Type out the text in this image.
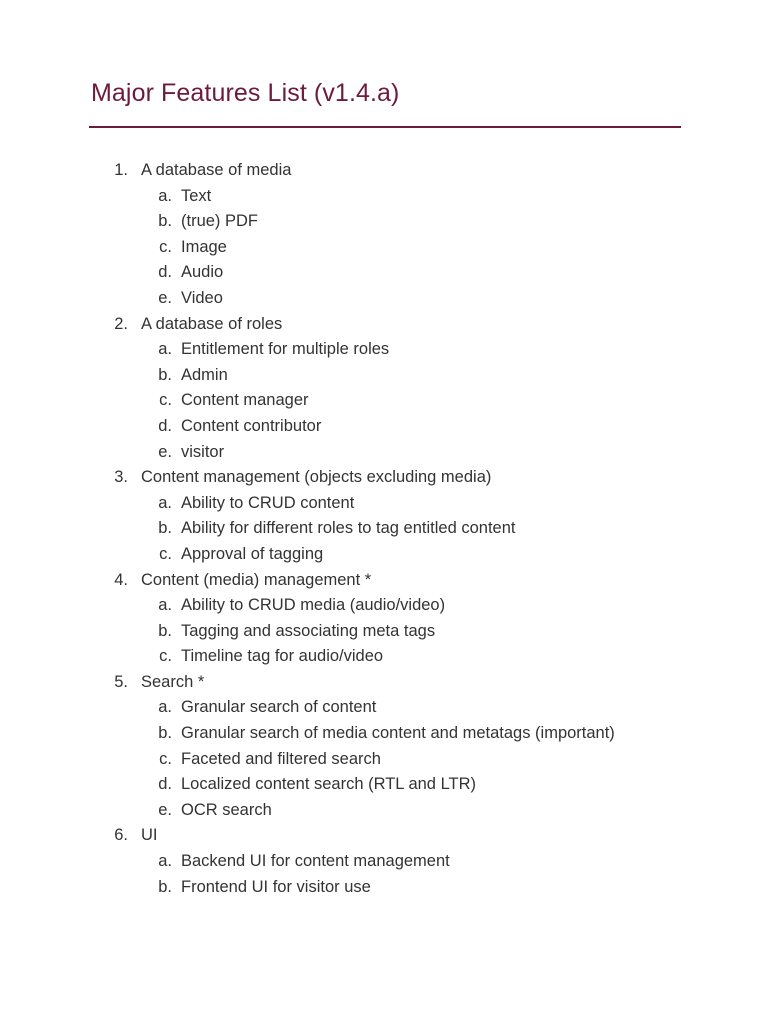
Major Features List (v1.4.a)
1. A database of media
a. Text
b. (true) PDF
c. Image
d. Audio
e. Video
2. A database of roles
a. Entitlement for multiple roles
b. Admin
c. Content manager
d. Content contributor
e. visitor
3. Content management (objects excluding media)
a. Ability to CRUD content
b. Ability for different roles to tag entitled content
c. Approval of tagging
4. Content (media) management *
a. Ability to CRUD media (audio/video)
b. Tagging and associating meta tags
c. Timeline tag for audio/video
5. Search *
a. Granular search of content
b. Granular search of media content and metatags (important)
c. Faceted and filtered search
d. Localized content search (RTL and LTR)
e. OCR search
6. UI
a. Backend UI for content management
b. Frontend UI for visitor use
